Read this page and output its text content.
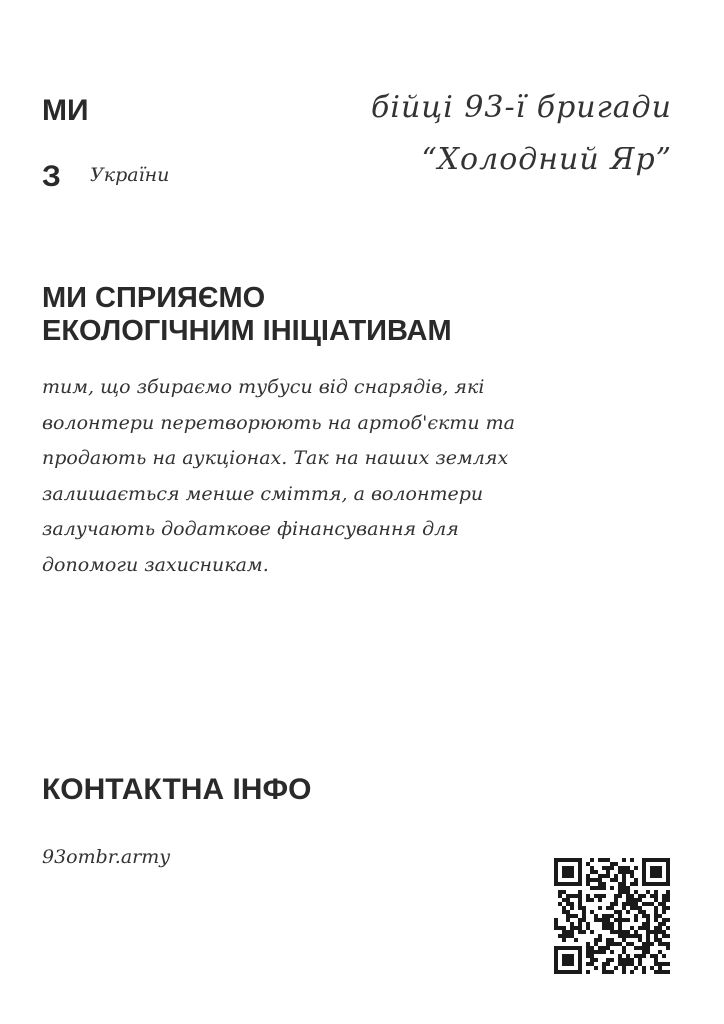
МИ
З України
бійці 93-ї бригади
“Холодний Яр”
МИ СПРИЯЄМО
ЕКОЛОГІЧНИМ ІНІЦІАТИВАМ
тим, що збираємо тубуси від снарядів, які
волонтери перетворюють на артоб'єкти та
продають на аукціонах. Так на наших землях
залишається менше сміття, а волонтери
залучають додаткове фінансування для
допомоги захисникам.
КОНТАКТНА ІНФО
93ombr.army
